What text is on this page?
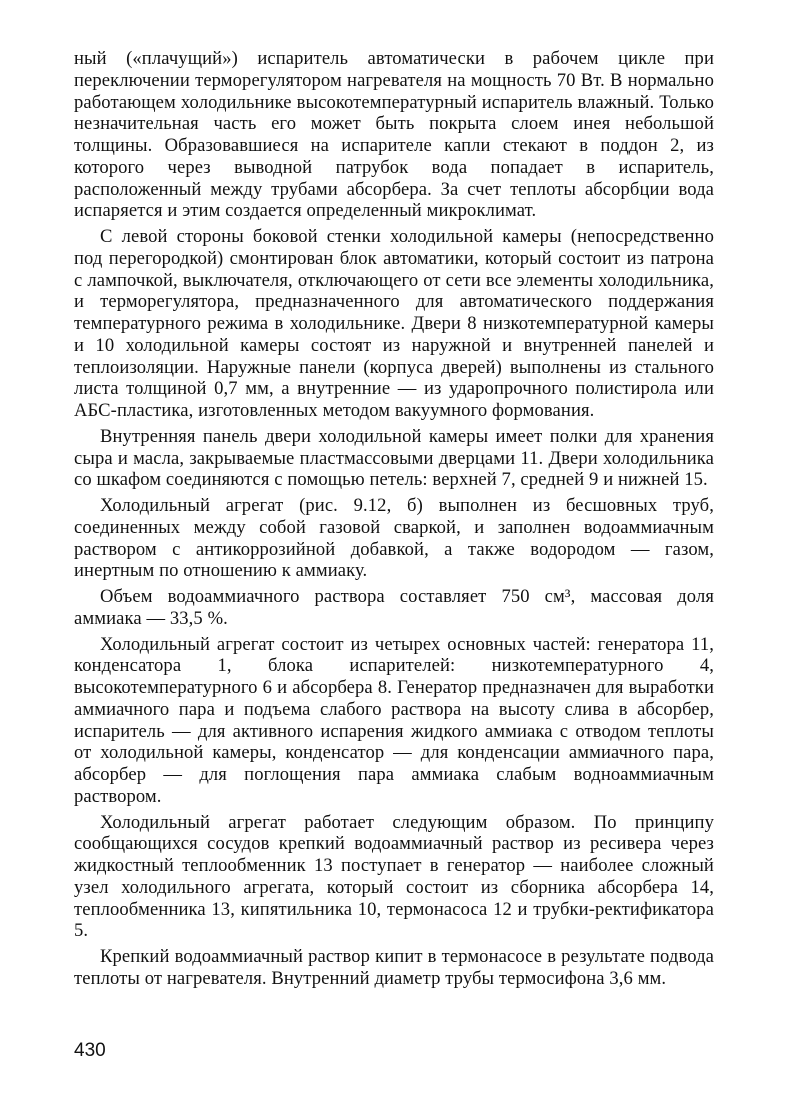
ный («плачущий») испаритель автоматически в рабочем цикле при переключении терморегулятором нагревателя на мощность 70 Вт. В нормально работающем холодильнике высокотемпературный испаритель влажный. Только незначительная часть его может быть покрыта слоем инея небольшой толщины. Образовавшиеся на испарителе капли стекают в поддон 2, из которого через выводной патрубок вода попадает в испаритель, расположенный между трубами абсорбера. За счет теплоты абсорбции вода испаряется и этим создается определенный микроклимат.

С левой стороны боковой стенки холодильной камеры (непосредственно под перегородкой) смонтирован блок автоматики, который состоит из патрона с лампочкой, выключателя, отключающего от сети все элементы холодильника, и терморегулятора, предназначенного для автоматического поддержания температурного режима в холодильнике. Двери 8 низкотемпературной камеры и 10 холодильной камеры состоят из наружной и внутренней панелей и теплоизоляции. Наружные панели (корпуса дверей) выполнены из стального листа толщиной 0,7 мм, а внутренние — из ударопрочного полистирола или АБС-пластика, изготовленных методом вакуумного формования.

Внутренняя панель двери холодильной камеры имеет полки для хранения сыра и масла, закрываемые пластмассовыми дверцами 11. Двери холодильника со шкафом соединяются с помощью петель: верхней 7, средней 9 и нижней 15.

Холодильный агрегат (рис. 9.12, б) выполнен из бесшовных труб, соединенных между собой газовой сваркой, и заполнен водоаммиачным раствором с антикоррозийной добавкой, а также водородом — газом, инертным по отношению к аммиаку.

Объем водоаммиачного раствора составляет 750 см³, массовая доля аммиака — 33,5 %.

Холодильный агрегат состоит из четырех основных частей: генератора 11, конденсатора 1, блока испарителей: низкотемпературного 4, высокотемпературного 6 и абсорбера 8. Генератор предназначен для выработки аммиачного пара и подъема слабого раствора на высоту слива в абсорбер, испаритель — для активного испарения жидкого аммиака с отводом теплоты от холодильной камеры, конденсатор — для конденсации аммиачного пара, абсорбер — для поглощения пара аммиака слабым водноаммиачным раствором.

Холодильный агрегат работает следующим образом. По принципу сообщающихся сосудов крепкий водоаммиачный раствор из ресивера через жидкостный теплообменник 13 поступает в генератор — наиболее сложный узел холодильного агрегата, который состоит из сборника абсорбера 14, теплообменника 13, кипятильника 10, термонасоса 12 и трубки-ректификатора 5.

Крепкий водоаммиачный раствор кипит в термонасосе в результате подвода теплоты от нагревателя. Внутренний диаметр трубы термосифона 3,6 мм.

430
